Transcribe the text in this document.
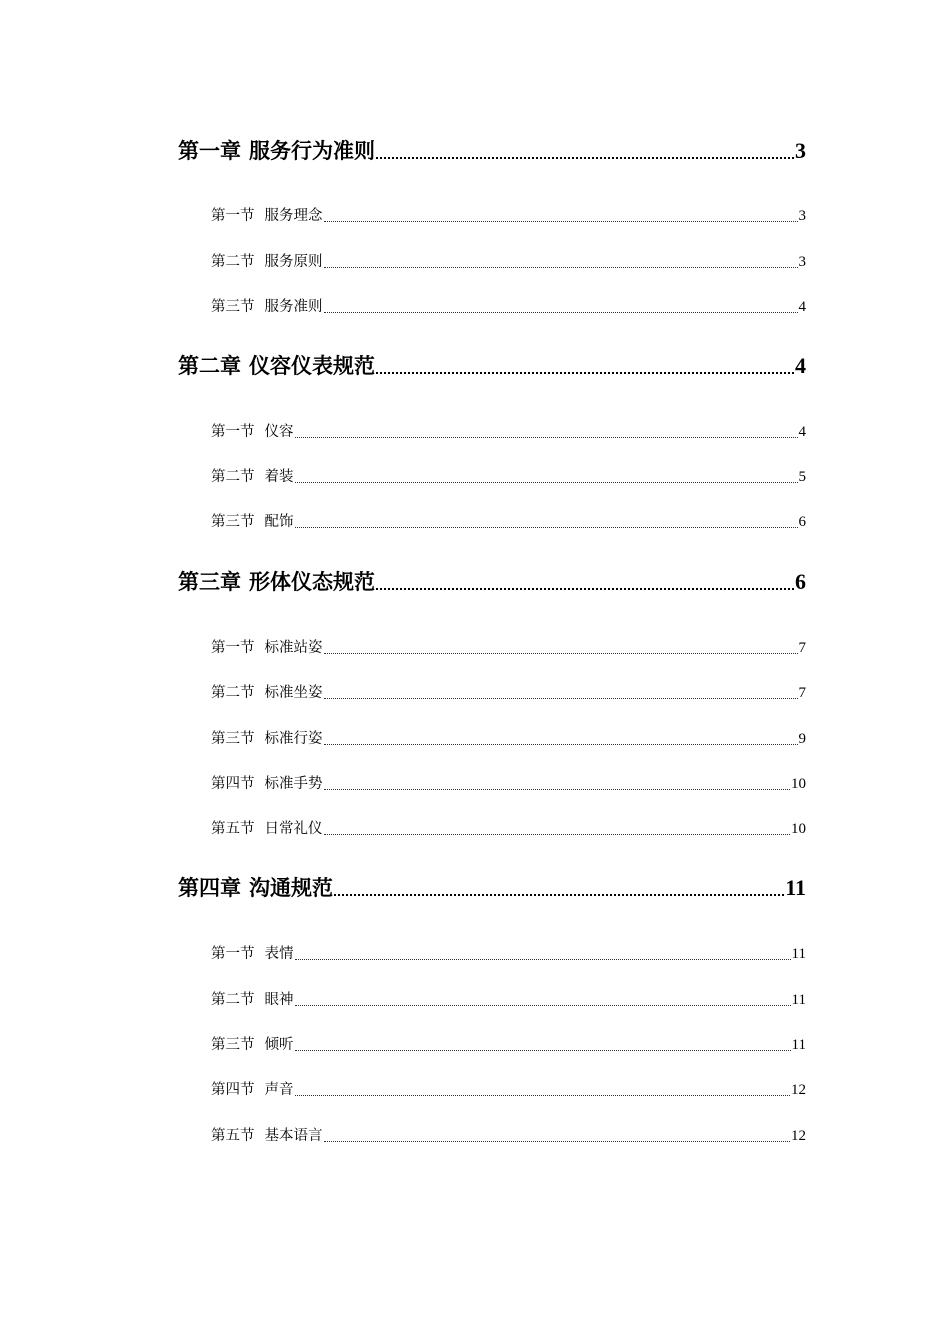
第一章 服务行为准则	3
第一节 服务理念	3
第二节 服务原则	3
第三节 服务准则	4
第二章 仪容仪表规范	4
第一节 仪容	4
第二节 着装	5
第三节 配饰	6
第三章 形体仪态规范	6
第一节 标准站姿	7
第二节 标准坐姿	7
第三节 标准行姿	9
第四节 标准手势	10
第五节 日常礼仪	10
第四章 沟通规范	11
第一节 表情	11
第二节 眼神	11
第三节 倾听	11
第四节 声音	12
第五节 基本语言	12
